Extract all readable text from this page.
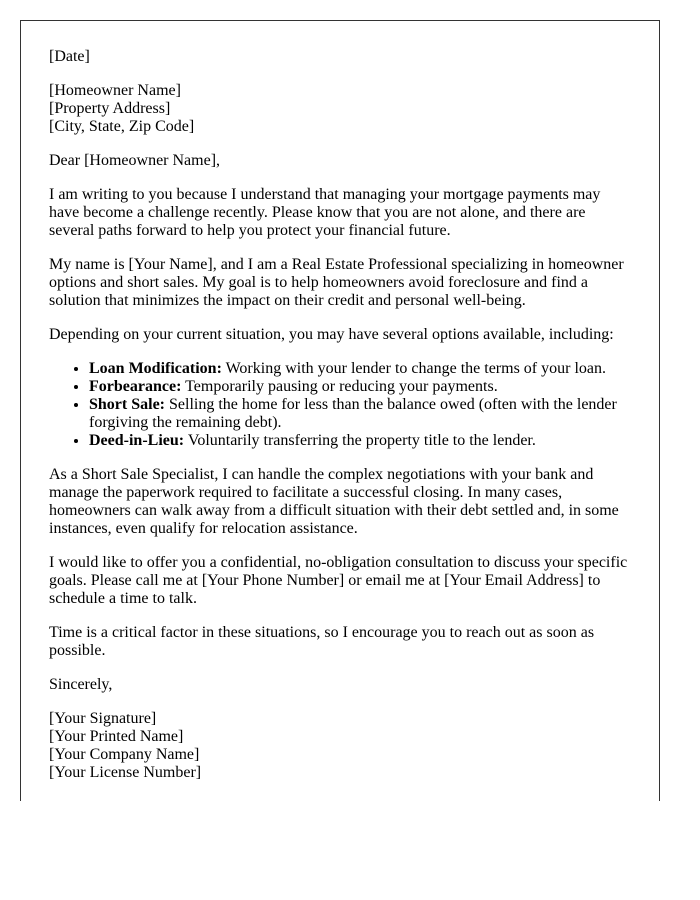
[Date]

[Homeowner Name]

[Property Address]

[City, State, Zip Code]

Dear [Homeowner Name],

I am writing to you because I understand that managing your mortgage payments may have become a challenge recently. Please know that you are not alone, and there are several paths forward to help you protect your financial future.

My name is [Your Name], and I am a Real Estate Professional specializing in homeowner options and short sales. My goal is to help homeowners avoid foreclosure and find a solution that minimizes the impact on their credit and personal well-being.

Depending on your current situation, you may have several options available, including:

• Loan Modification: Working with your lender to change the terms of your loan.
• Forbearance: Temporarily pausing or reducing your payments.
• Short Sale: Selling the home for less than the balance owed (often with the lender forgiving the remaining debt).
• Deed-in-Lieu: Voluntarily transferring the property title to the lender.

As a Short Sale Specialist, I can handle the complex negotiations with your bank and manage the paperwork required to facilitate a successful closing. In many cases, homeowners can walk away from a difficult situation with their debt settled and, in some instances, even qualify for relocation assistance.

I would like to offer you a confidential, no-obligation consultation to discuss your specific goals. Please call me at [Your Phone Number] or email me at [Your Email Address] to schedule a time to talk.

Time is a critical factor in these situations, so I encourage you to reach out as soon as possible.

Sincerely,

[Your Signature]

[Your Printed Name]

[Your Company Name]

[Your License Number]
